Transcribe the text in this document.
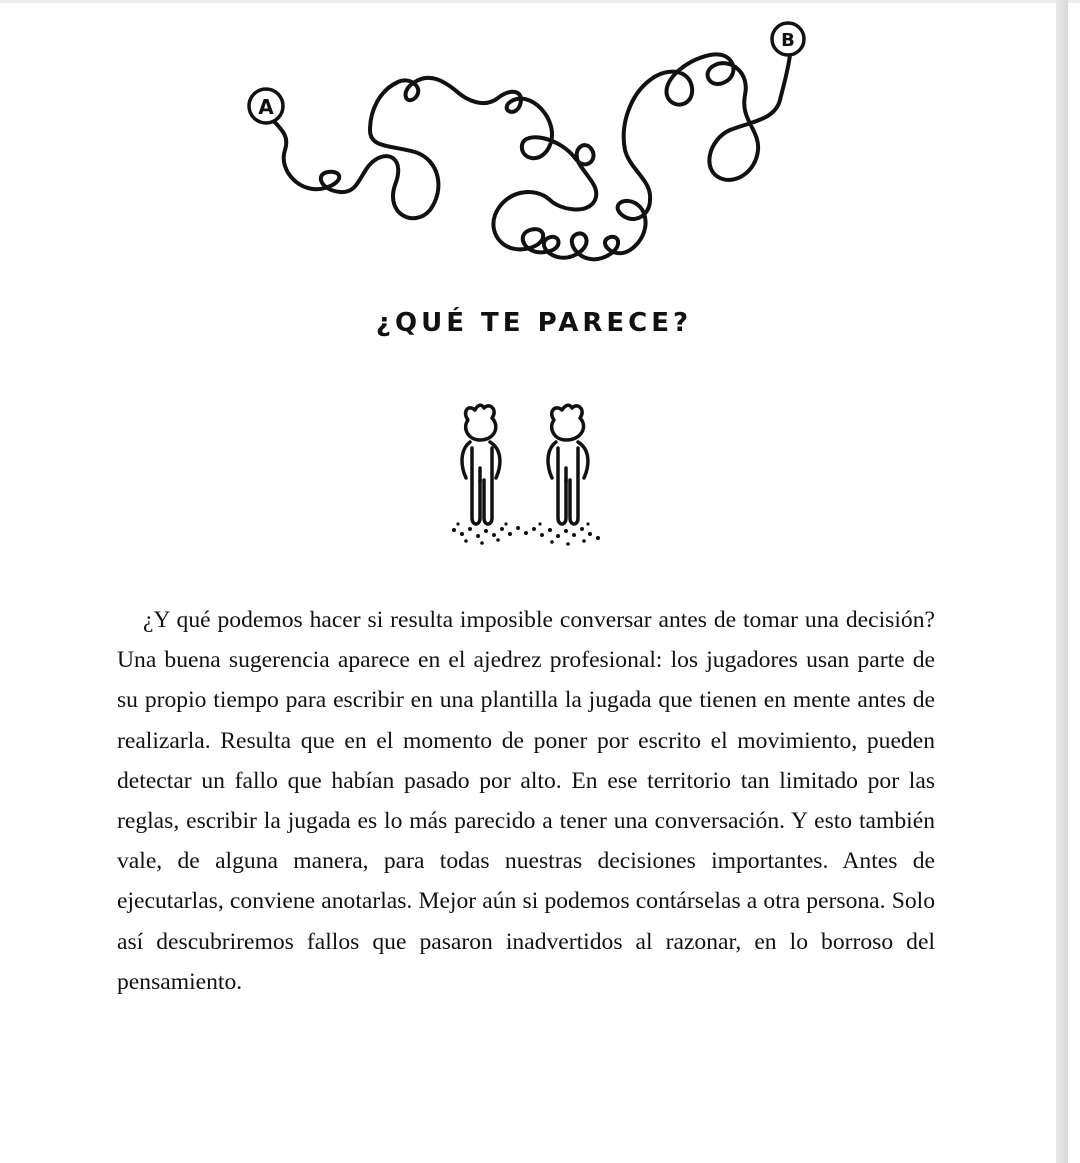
A
B
¿QUÉ TE PARECE?

¿Y qué podemos hacer si resulta imposible conversar antes de tomar una decisión? Una buena sugerencia aparece en el ajedrez profesional: los jugadores usan parte de su propio tiempo para escribir en una plantilla la jugada que tienen en mente antes de realizarla. Resulta que en el momento de poner por escrito el movimiento, pueden detectar un fallo que habían pasado por alto. En ese territorio tan limitado por las reglas, escribir la jugada es lo más parecido a tener una conversación. Y esto también vale, de alguna manera, para todas nuestras decisiones importantes. Antes de ejecutarlas, conviene anotarlas. Mejor aún si podemos contárselas a otra persona. Solo así descubriremos fallos que pasaron inadvertidos al razonar, en lo borroso del pensamiento.
